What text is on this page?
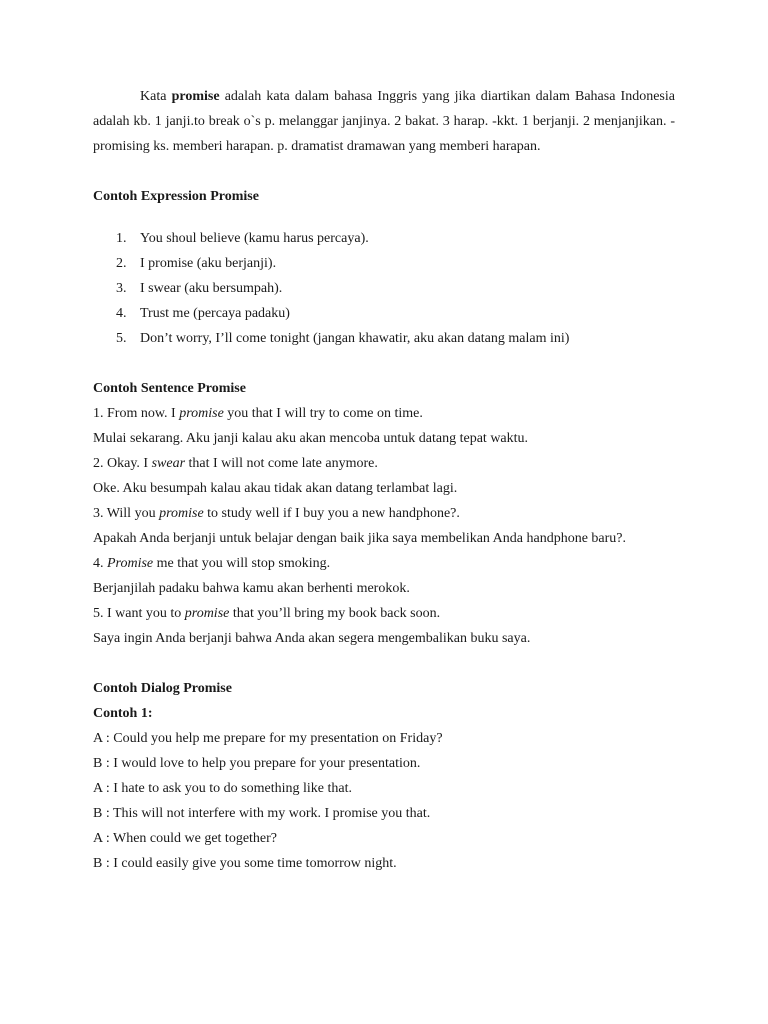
Kata promise adalah kata dalam bahasa Inggris yang jika diartikan dalam Bahasa Indonesia adalah kb. 1 janji.to break o`s p. melanggar janjinya. 2 bakat. 3 harap. -kkt. 1 berjanji. 2 menjanjikan. -promising ks. memberi harapan. p. dramatist dramawan yang memberi harapan.

Contoh Expression Promise

1. You shoul believe (kamu harus percaya).
2. I promise (aku berjanji).
3. I swear (aku bersumpah).
4. Trust me (percaya padaku)
5. Don’t worry, I’ll come tonight (jangan khawatir, aku akan datang malam ini)

Contoh Sentence Promise

1. From now. I promise you that I will try to come on time.

Mulai sekarang. Aku janji kalau aku akan mencoba untuk datang tepat waktu.

2. Okay. I swear that I will not come late anymore.

Oke. Aku besumpah kalau akau tidak akan datang terlambat lagi.

3. Will you promise to study well if I buy you a new handphone?.

Apakah Anda berjanji untuk belajar dengan baik jika saya membelikan Anda handphone baru?.

4. Promise me that you will stop smoking.

Berjanjilah padaku bahwa kamu akan berhenti merokok.

5. I want you to promise that you’ll bring my book back soon.

Saya ingin Anda berjanji bahwa Anda akan segera mengembalikan buku saya.

Contoh Dialog Promise

Contoh 1:

A : Could you help me prepare for my presentation on Friday?

B : I would love to help you prepare for your presentation.

A : I hate to ask you to do something like that.

B : This will not interfere with my work. I promise you that.

A : When could we get together?

B : I could easily give you some time tomorrow night.
